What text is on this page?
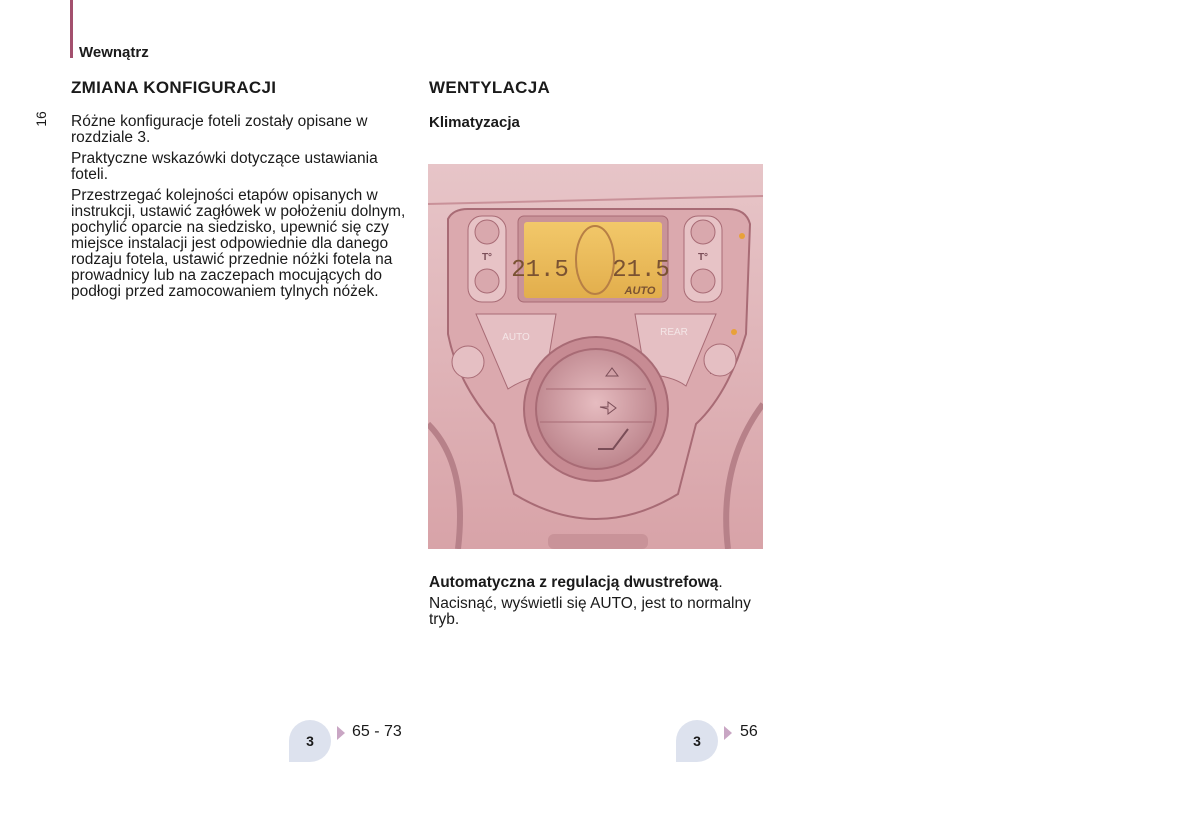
Wewnątrz
16
ZMIANA KONFIGURACJI

Różne konfiguracje foteli zostały opisane w rozdziale 3.

Praktyczne wskazówki dotyczące ustawiania foteli.

Przestrzegać kolejności etapów opisanych w instrukcji, ustawić zagłówek w położeniu dolnym, pochylić oparcie na siedzisko, upewnić się czy miejsce instalacji jest odpowiednie dla danego rodzaju fotela, ustawić przednie nóżki fotela na prowadnicy lub na zaczepach mocujących do podłogi przed zamocowaniem tylnych nóżek.

WENTYLACJA
Klimatyzacja
T°	T°
21.5 21.5
AUTO
AUTO	REAR

Automatyczna z regulacją dwustrefową.

Nacisnąć, wyświetli się AUTO, jest to normalny tryb.

3
65 - 73
3
56
